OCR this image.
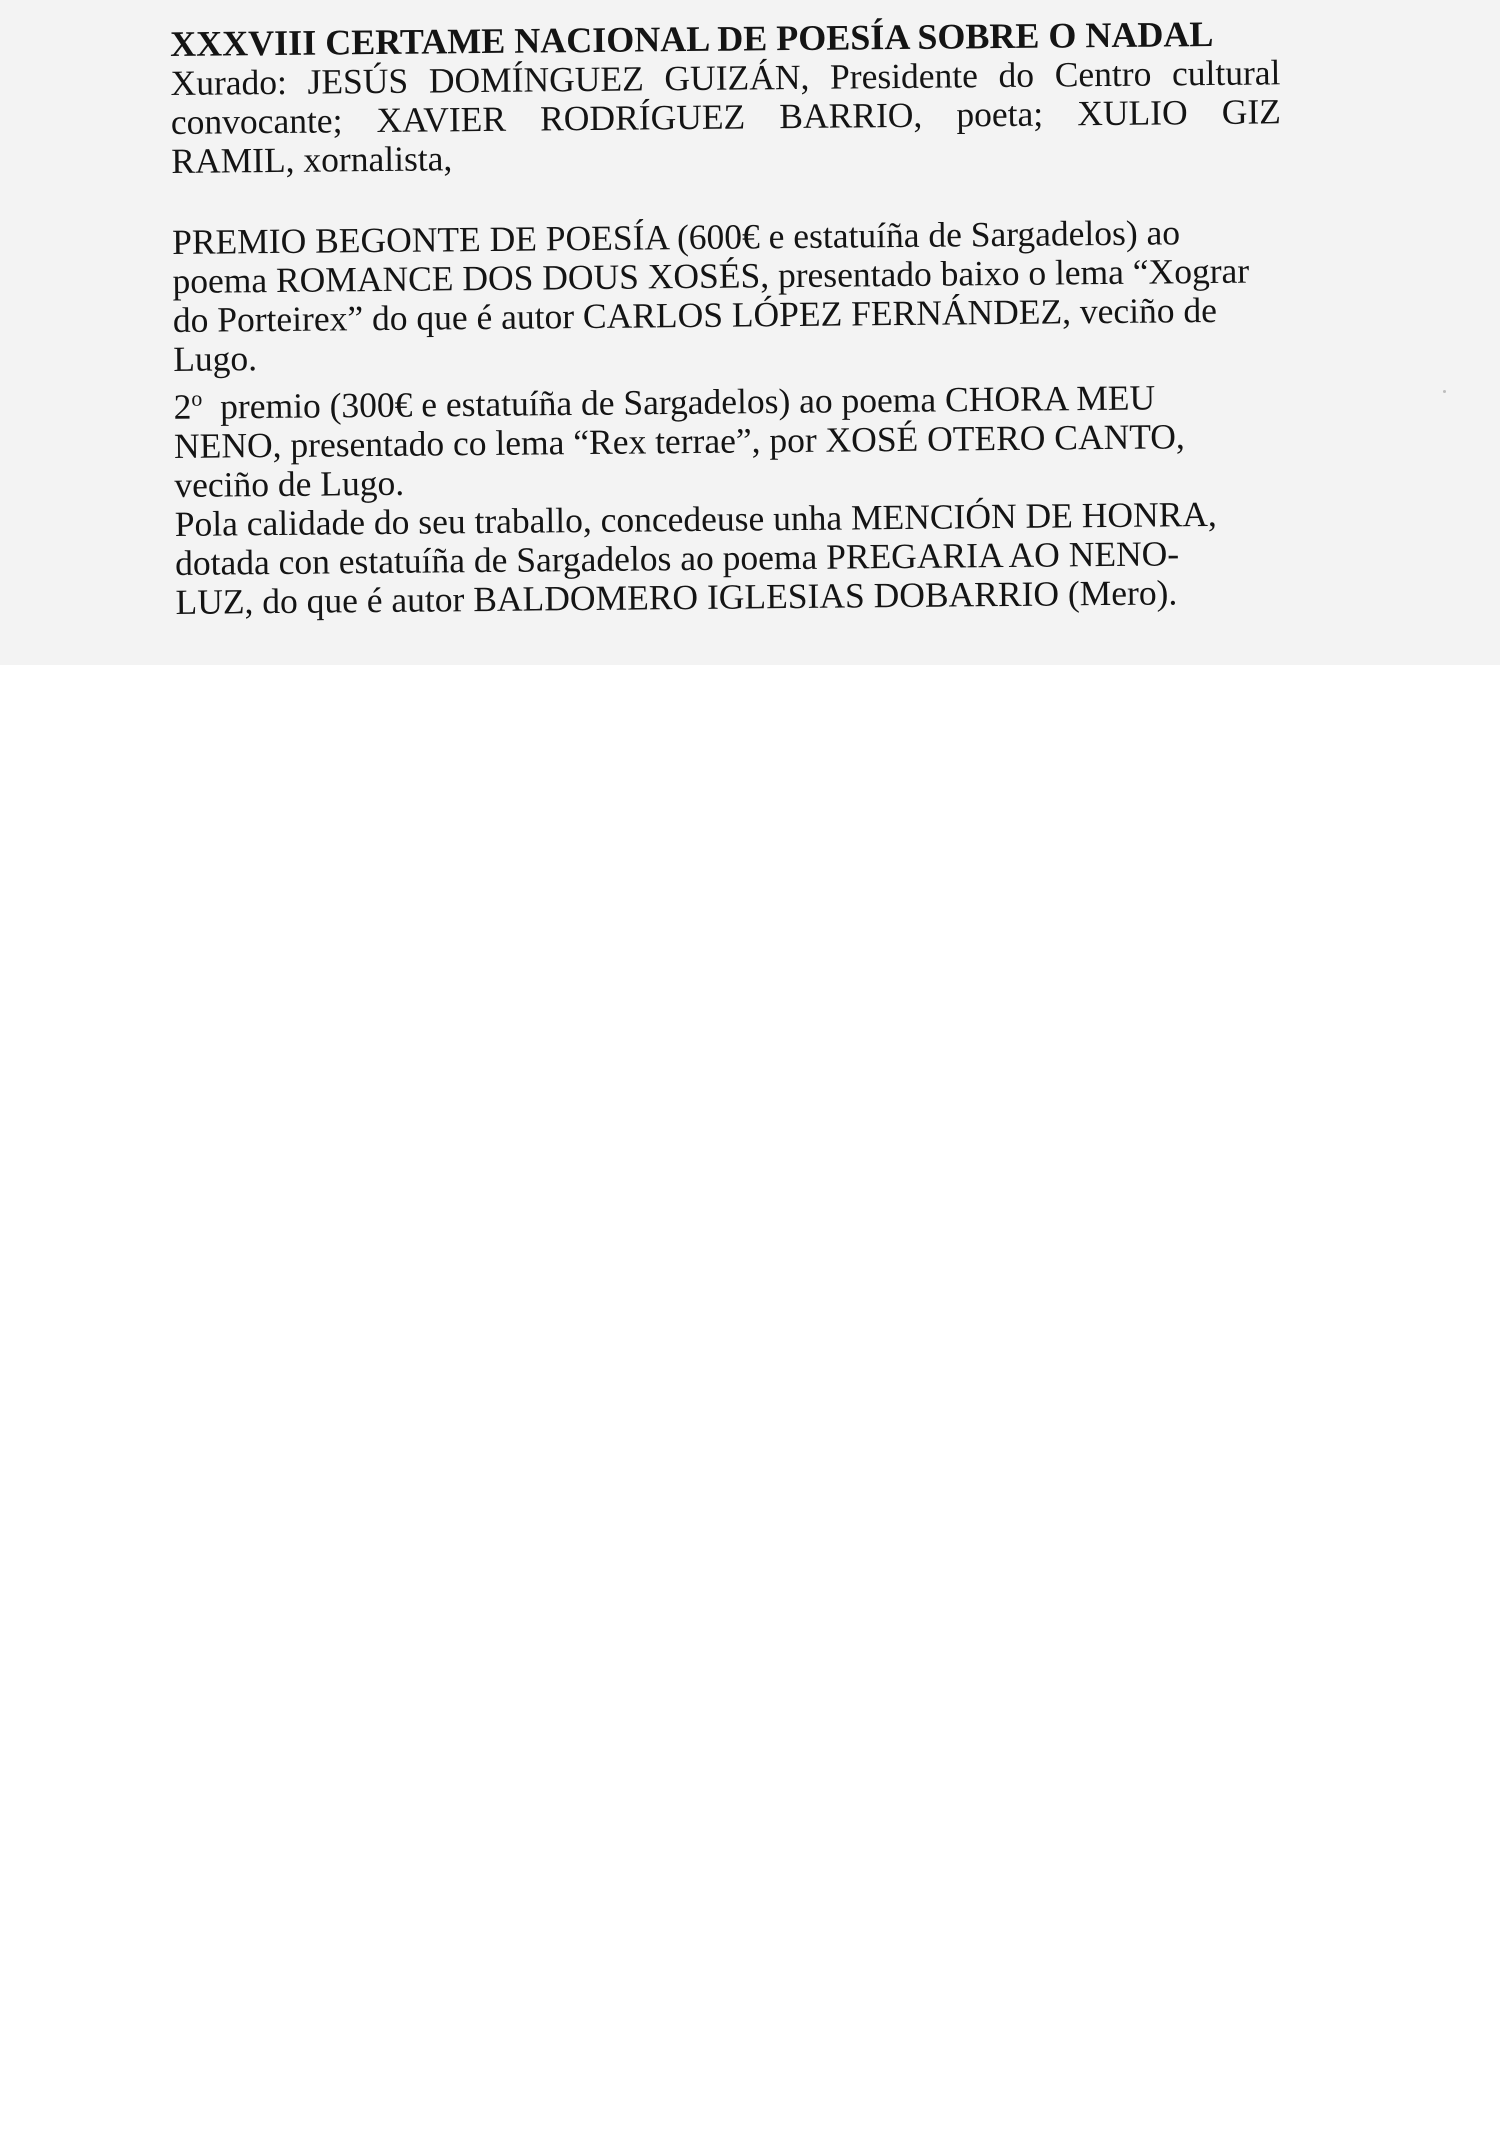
XXXVIII CERTAME NACIONAL DE POESÍA SOBRE O NADAL
Xurado: JESÚS DOMÍNGUEZ GUIZÁN, Presidente do Centro cultural
convocante; XAVIER RODRÍGUEZ BARRIO, poeta; XULIO GIZ
RAMIL, xornalista,
PREMIO BEGONTE DE POESÍA (600€ e estatuíña de Sargadelos) ao
poema ROMANCE DOS DOUS XOSÉS, presentado baixo o lema “Xograr
do Porteirex” do que é autor CARLOS LÓPEZ FERNÁNDEZ, veciño de
Lugo.
2$^o$  premio (300€ e estatuíña de Sargadelos) ao poema CHORA MEU
NENO, presentado co lema “Rex terrae”, por XOSÉ OTERO CANTO,
veciño de Lugo.
Pola calidade do seu traballo, concedeuse unha MENCIÓN DE HONRA,
dotada con estatuíña de Sargadelos ao poema PREGARIA AO NENO-
LUZ, do que é autor BALDOMERO IGLESIAS DOBARRIO (Mero).
